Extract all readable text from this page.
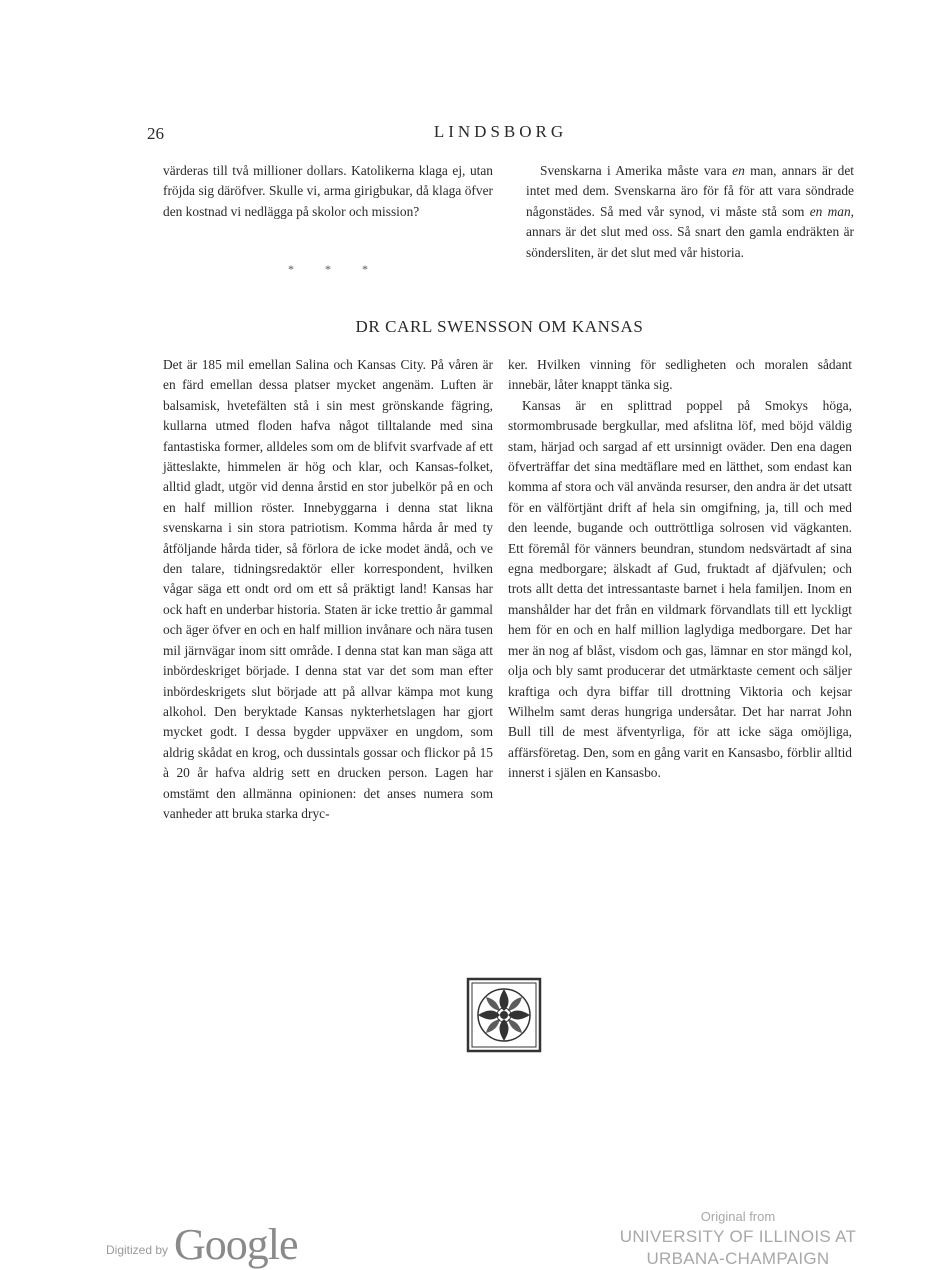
26	LINDSBORG

värderas till två millioner dollars. Katolikerna klaga ej, utan fröjda sig däröfver. Skulle vi, arma girigbukar, då klaga öfver den kostnad vi nedlägga på skolor och mission?

* * *

Svenskarna i Amerika måste vara en man, annars är det intet med dem. Svenskarna äro för få för att vara söndrade någonstädes. Så med vår synod, vi måste stå som en man, annars är det slut med oss. Så snart den gamla endräkten är söndersliten, är det slut med vår historia.

DR CARL SWENSSON OM KANSAS

Det är 185 mil emellan Salina och Kansas City. På våren är en färd emellan dessa platser mycket angenäm. Luften är balsamisk, hvetefälten stå i sin mest grönskande fägring, kullarna utmed floden hafva något tilltalande med sina fantastiska former, alldeles som om de blifvit svarfvade af ett jätteslakte, himmelen är hög och klar, och Kansas-folket, alltid gladt, utgör vid denna årstid en stor jubelkör på en och en half million röster. Innebyggarna i denna stat likna svenskarna i sin stora patriotism. Komma hårda år med ty åtföljande hårda tider, så förlora de icke modet ändå, och ve den talare, tidningsredaktör eller korrespondent, hvilken vågar säga ett ondt ord om ett så präktigt land! Kansas har ock haft en underbar historia. Staten är icke trettio år gammal och äger öfver en och en half million invånare och nära tusen mil järnvägar inom sitt område. I denna stat kan man säga att inbördeskriget började. I denna stat var det som man efter inbördeskrigets slut började att på allvar kämpa mot kung alkohol. Den beryktade Kansas nykterhetslagen har gjort mycket godt. I dessa bygder uppväxer en ungdom, som aldrig skådat en krog, och dussintals gossar och flickor på 15 à 20 år hafva aldrig sett en drucken person. Lagen har omstämt den allmänna opinionen: det anses numera som vanheder att bruka starka dryc-

ker. Hvilken vinning för sedligheten och moralen sådant innebär, låter knappt tänka sig.

Kansas är en splittrad poppel på Smokys höga, stormombrusade bergkullar, med afslitna löf, med böjd väldig stam, härjad och sargad af ett ursinnigt oväder. Den ena dagen öfverträffar det sina medtäflare med en lätthet, som endast kan komma af stora och väl använda resurser, den andra är det utsatt för en välförtjänt drift af hela sin omgifning, ja, till och med den leende, bugande och outtröttliga solrosen vid vägkanten. Ett föremål för vänners beundran, stundom nedsvärtadt af sina egna medborgare; älskadt af Gud, fruktadt af djäfvulen; och trots allt detta det intressantaste barnet i hela familjen. Inom en manshålder har det från en vildmark förvandlats till ett lyckligt hem för en och en half million laglydiga medborgare. Det har mer än nog af blåst, visdom och gas, lämnar en stor mängd kol, olja och bly samt producerar det utmärktaste cement och säljer kraftiga och dyra biffar till drottning Viktoria och kejsar Wilhelm samt deras hungriga undersåtar. Det har narrat John Bull till de mest äfventyrliga, för att icke säga omöjliga, affärsföretag. Den, som en gång varit en Kansasbo, förblir alltid innerst i själen en Kansasbo.

Digitized by Google
Original from
UNIVERSITY OF ILLINOIS AT
URBANA-CHAMPAIGN
